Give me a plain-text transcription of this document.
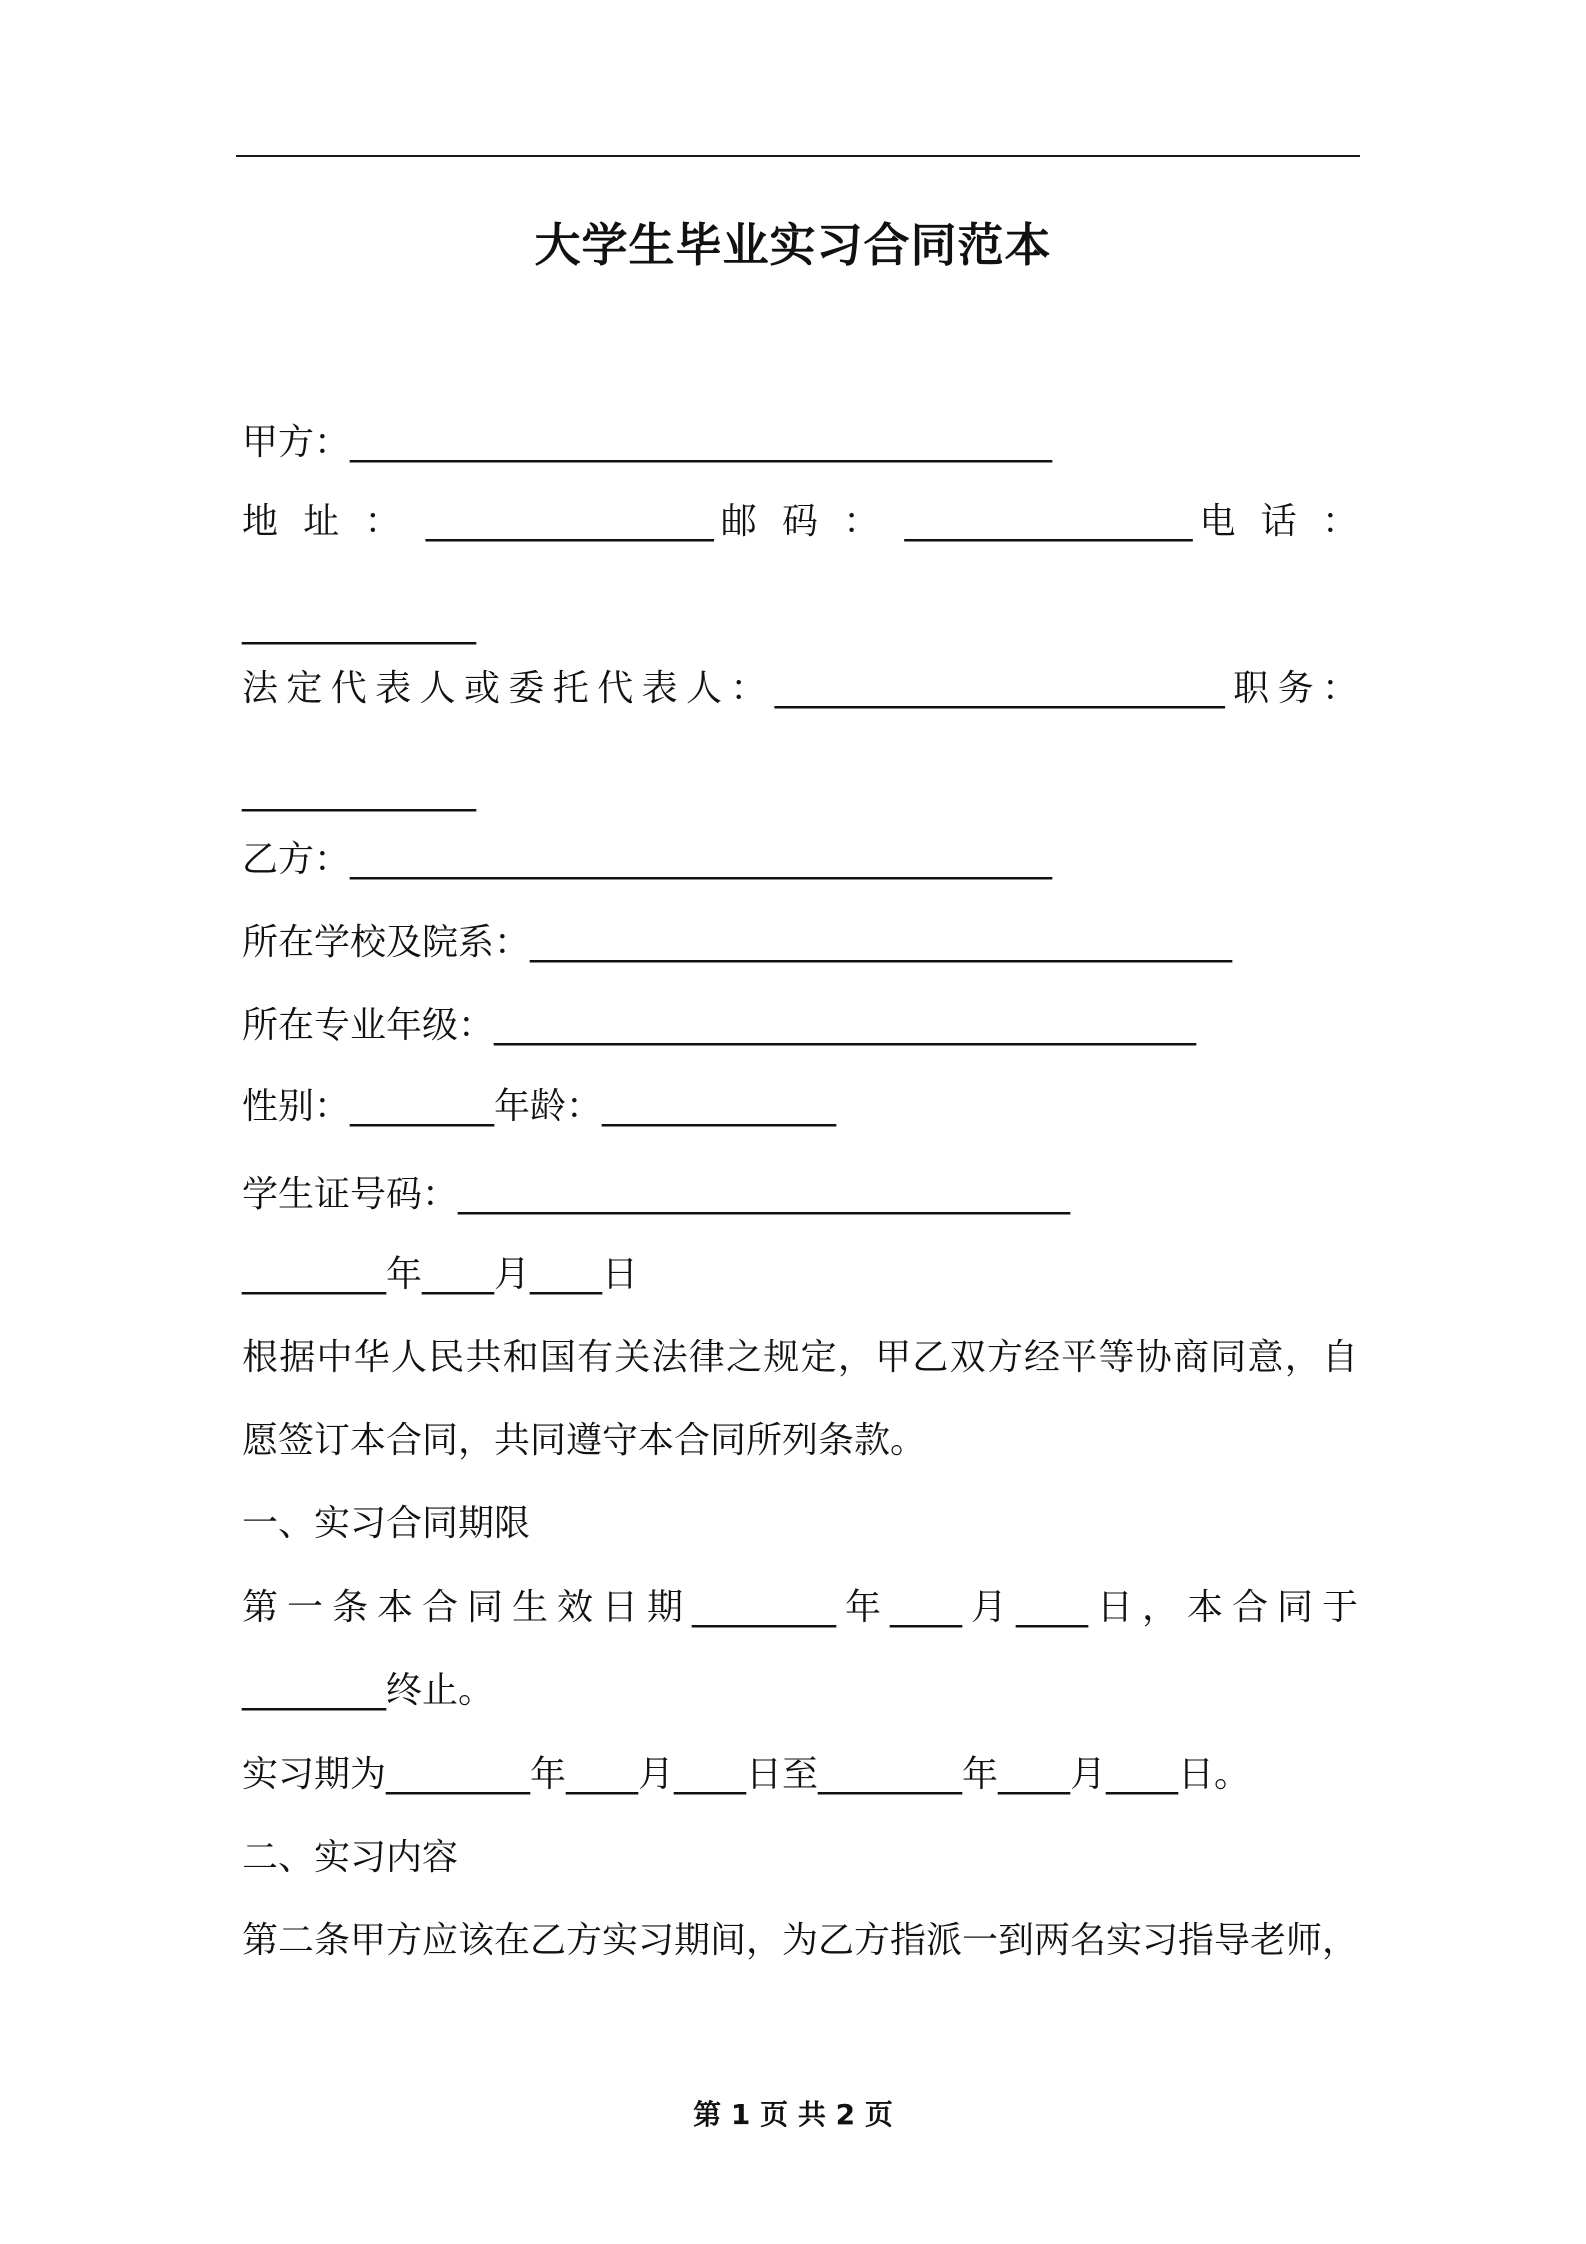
大学生毕业实习合同范本
甲方：_______________________________________
地 址 ： ________________邮 码 ： ________________电 话 ：
_____________
法定代表人或委托代表人：_________________________职务：
_____________
乙方：_______________________________________
所在学校及院系：_______________________________________
所在专业年级：_______________________________________
性别：________年龄：_____________
学生证号码：__________________________________
________年____月____日
根据中华人民共和国有关法律之规定，甲乙双方经平等协商同意，自
愿签订本合同，共同遵守本合同所列条款。
一、实习合同期限
第一条本合同生效日期________年____月____日，本合同于
________终止。
实习期为________年____月____日至________年____月____日。
二、实习内容
第二条甲方应该在乙方实习期间，为乙方指派一到两名实习指导老师，
第 1 页 共 2 页
